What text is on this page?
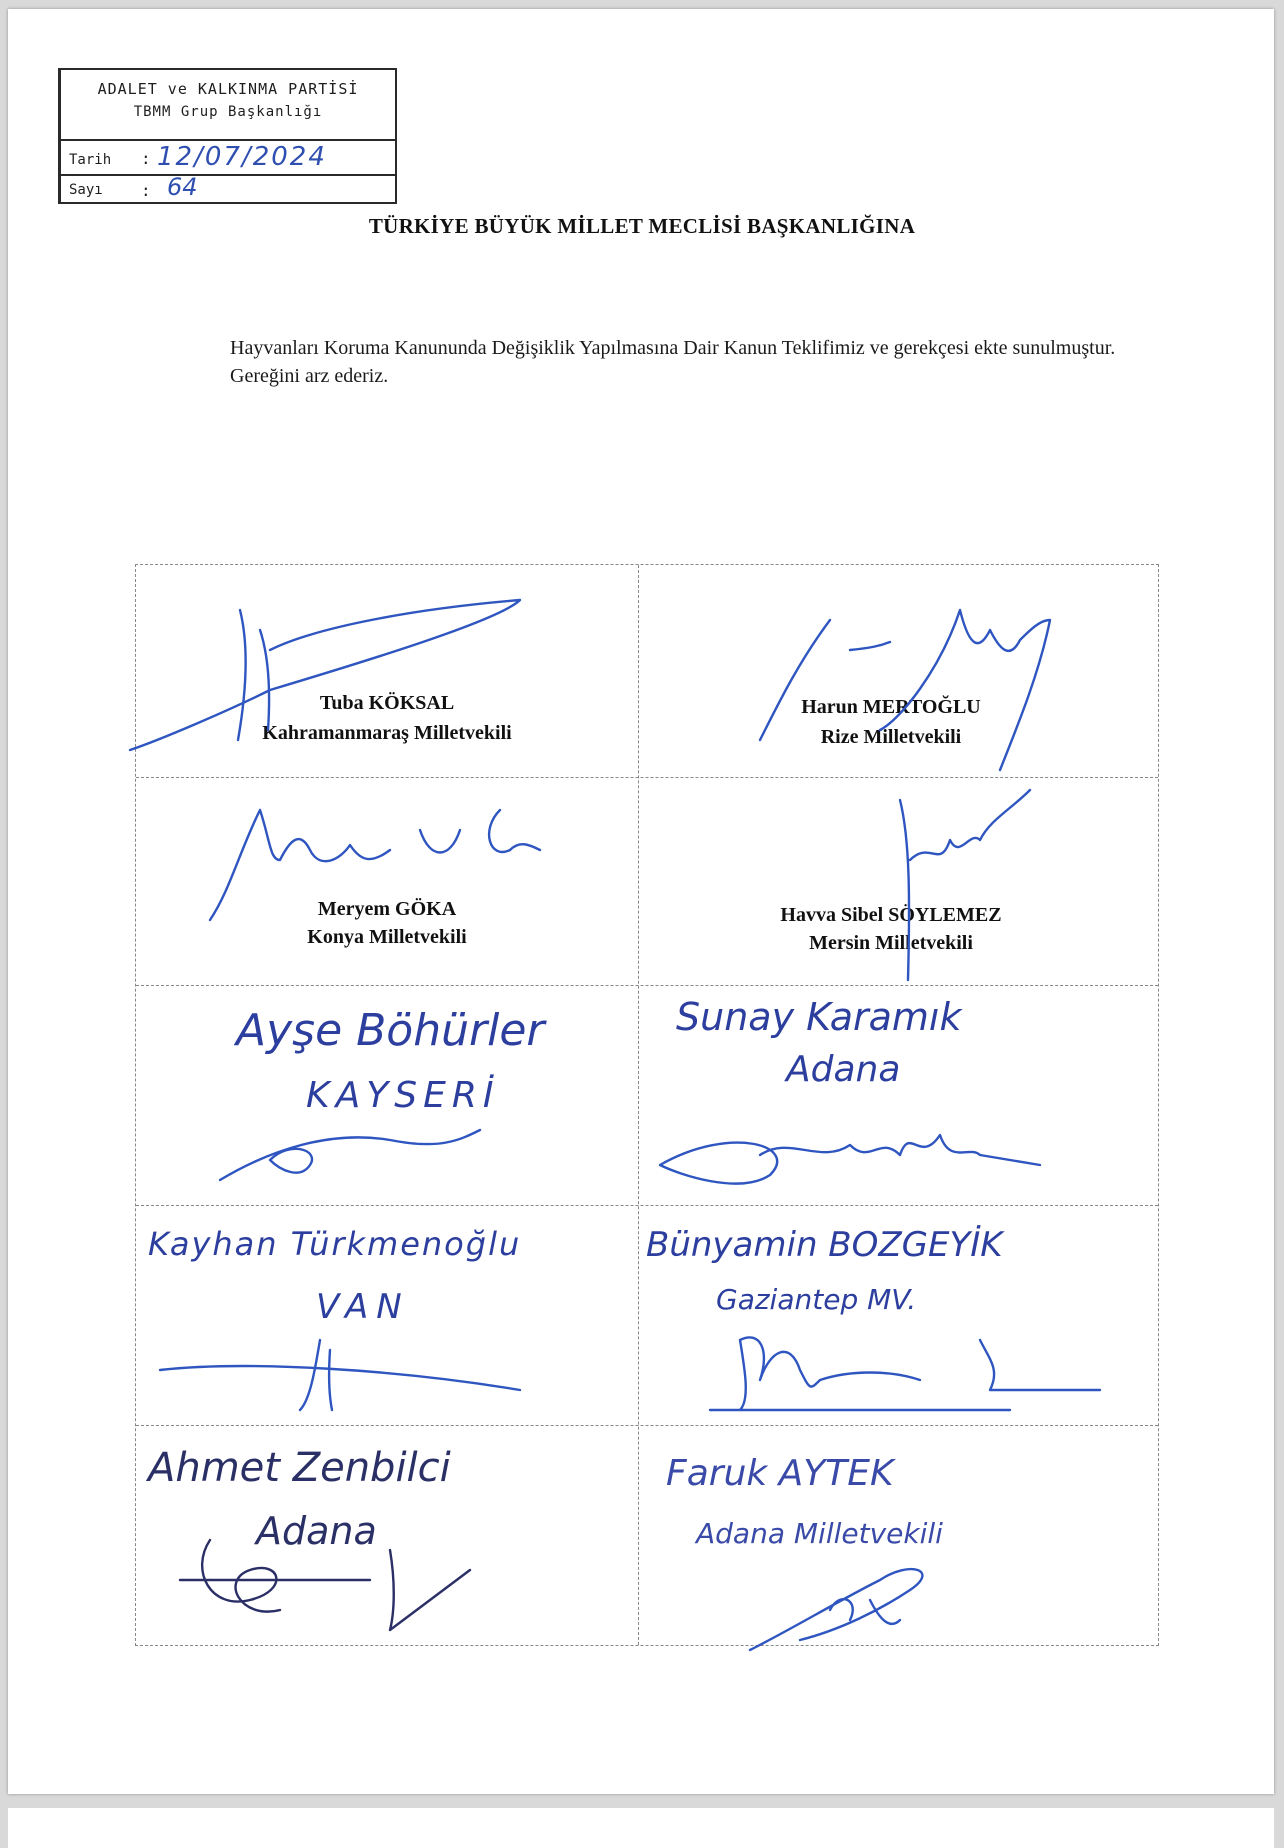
ADALET ve KALKINMA PARTİSİ
TBMM Grup Başkanlığı
Tarih : 12/07/2024
Sayı : 64
TÜRKİYE BÜYÜK MİLLET MECLİSİ BAŞKANLIĞINA
Hayvanları Koruma Kanununda Değişiklik Yapılmasına Dair Kanun Teklifimiz ve gerekçesi ekte sunulmuştur.
Gereğini arz ederiz.
Tuba KÖKSAL
Kahramanmaraş Milletvekili
Harun MERTOĞLU
Rize Milletvekili
Meryem GÖKA
Konya Milletvekili
Havva Sibel SÖYLEMEZ
Mersin Milletvekili
Ayşe Böhürler
KAYSERİ
Sunay Karamık
Adana
Kayhan Türkmenoğlu
VAN
Bünyamin BOZGEYİK
Gaziantep MV.
Ahmet Zenbilci
Adana
Faruk AYTEK
Adana Milletvekili
